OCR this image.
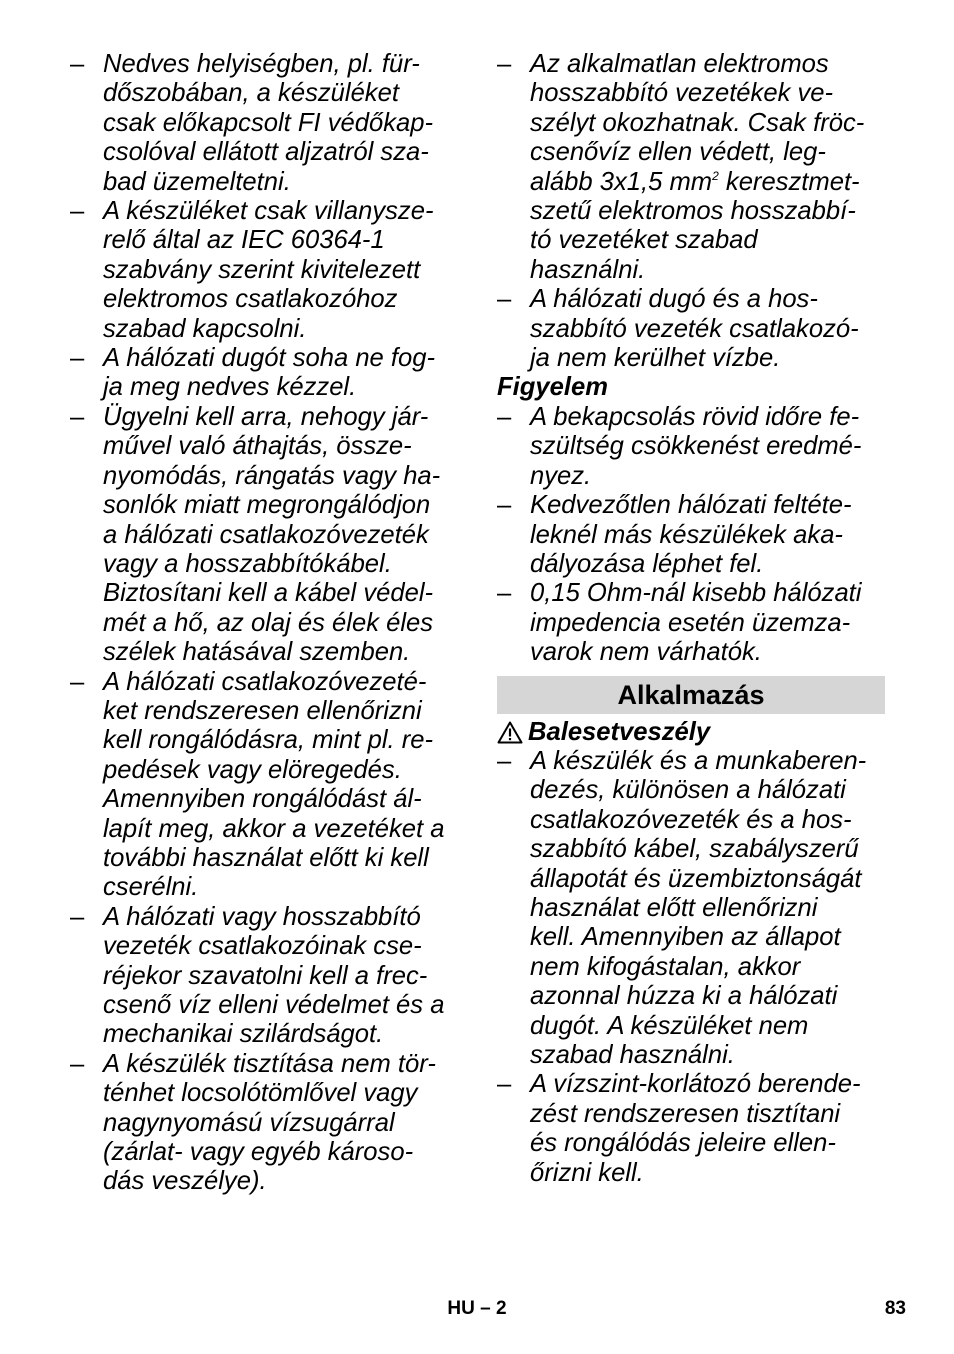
– Nedves helyiségben, pl. für-
dőszobában, a készüléket
csak előkapcsolt FI védőkap-
csolóval ellátott aljzatról sza-
bad üzemeltetni.
– A készüléket csak villanysze-
relő által az IEC 60364-1
szabvány szerint kivitelezett
elektromos csatlakozóhoz
szabad kapcsolni.
– A hálózati dugót soha ne fog-
ja meg nedves kézzel.
– Ügyelni kell arra, nehogy jár-
művel való áthajtás, össze-
nyomódás, rángatás vagy ha-
sonlók miatt megrongálódjon
a hálózati csatlakozóvezeték
vagy a hosszabbítókábel.
Biztosítani kell a kábel védel-
mét a hő, az olaj és élek éles
szélek hatásával szemben.
– A hálózati csatlakozóvezeté-
ket rendszeresen ellenőrizni
kell rongálódásra, mint pl. re-
pedések vagy elöregedés.
Amennyiben rongálódást ál-
lapít meg, akkor a vezetéket a
további használat előtt ki kell
cserélni.
– A hálózati vagy hosszabbító
vezeték csatlakozóinak cse-
réjekor szavatolni kell a frec-
csenő víz elleni védelmet és a
mechanikai szilárdságot.
– A készülék tisztítása nem tör-
ténhet locsolótömlővel vagy
nagynyomású vízsugárral
(zárlat- vagy egyéb károso-
dás veszélye).
– Az alkalmatlan elektromos
hosszabbító vezetékek ve-
szélyt okozhatnak. Csak fröc-
csenővíz ellen védett, leg-
alább 3x1,5 $mm^2$ keresztmet-
szetű elektromos hosszabbí-
tó vezetéket szabad
használni.
– A hálózati dugó és a hos-
szabbító vezeték csatlakozó-
ja nem kerülhet vízbe.
Figyelem
– A bekapcsolás rövid időre fe-
szültség csökkenést eredmé-
nyez.
– Kedvezőtlen hálózati feltéte-
leknél más készülékek aka-
dályozása léphet fel.
– 0,15 Ohm-nál kisebb hálózati
impedencia esetén üzemza-
varok nem várhatók.
Alkalmazás
Balesetveszély
– A készülék és a munkaberen-
dezés, különösen a hálózati
csatlakozóvezeték és a hos-
szabbító kábel, szabályszerű
állapotát és üzembiztonságát
használat előtt ellenőrizni
kell. Amennyiben az állapot
nem kifogástalan, akkor
azonnal húzza ki a hálózati
dugót. A készüléket nem
szabad használni.
– A vízszint-korlátozó berende-
zést rendszeresen tisztítani
és rongálódás jeleire ellen-
őrizni kell.
HU – 2	83
